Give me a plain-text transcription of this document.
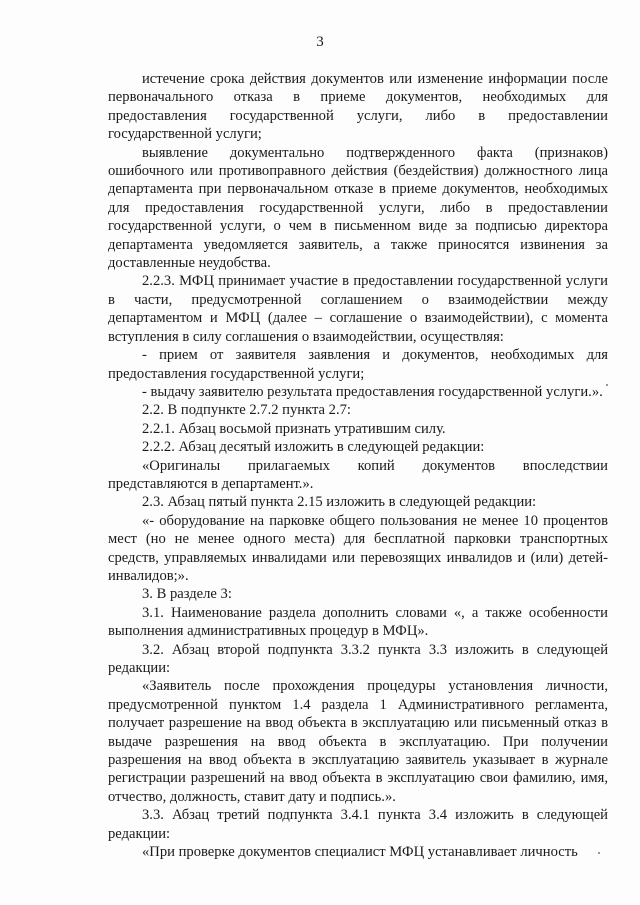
3

истечение срока действия документов или изменение информации после первоначального отказа в приеме документов, необходимых для предоставления государственной услуги, либо в предоставлении государственной услуги;

выявление документально подтвержденного факта (признаков) ошибочного или противоправного действия (бездействия) должностного лица департамента при первоначальном отказе в приеме документов, необходимых для предоставления государственной услуги, либо в предоставлении государственной услуги, о чем в письменном виде за подписью директора департамента уведомляется заявитель, а также приносятся извинения за доставленные неудобства.

2.2.3. МФЦ принимает участие в предоставлении государственной услуги в части, предусмотренной соглашением о взаимодействии между департаментом и МФЦ (далее – соглашение о взаимодействии), с момента вступления в силу соглашения о взаимодействии, осуществляя:

- прием от заявителя заявления и документов, необходимых для предоставления государственной услуги;

- выдачу заявителю результата предоставления государственной услуги.».

2.2. В подпункте 2.7.2 пункта 2.7:

2.2.1. Абзац восьмой признать утратившим силу.

2.2.2. Абзац десятый изложить в следующей редакции:

«Оригиналы прилагаемых копий документов впоследствии представляются в департамент.».

2.3. Абзац пятый пункта 2.15 изложить в следующей редакции:

«- оборудование на парковке общего пользования не менее 10 процентов мест (но не менее одного места) для бесплатной парковки транспортных средств, управляемых инвалидами или перевозящих инвалидов и (или) детей-инвалидов;».

3. В разделе 3:

3.1. Наименование раздела дополнить словами «, а также особенности выполнения административных процедур в МФЦ».

3.2. Абзац второй подпункта 3.3.2 пункта 3.3 изложить в следующей редакции:

«Заявитель после прохождения процедуры установления личности, предусмотренной пунктом 1.4 раздела 1 Административного регламента, получает разрешение на ввод объекта в эксплуатацию или письменный отказ в выдаче разрешения на ввод объекта в эксплуатацию. При получении разрешения на ввод объекта в эксплуатацию заявитель указывает в журнале регистрации разрешений на ввод объекта в эксплуатацию свои фамилию, имя, отчество, должность, ставит дату и подпись.».

3.3. Абзац третий подпункта 3.4.1 пункта 3.4 изложить в следующей редакции:

«При проверке документов специалист МФЦ устанавливает личность
